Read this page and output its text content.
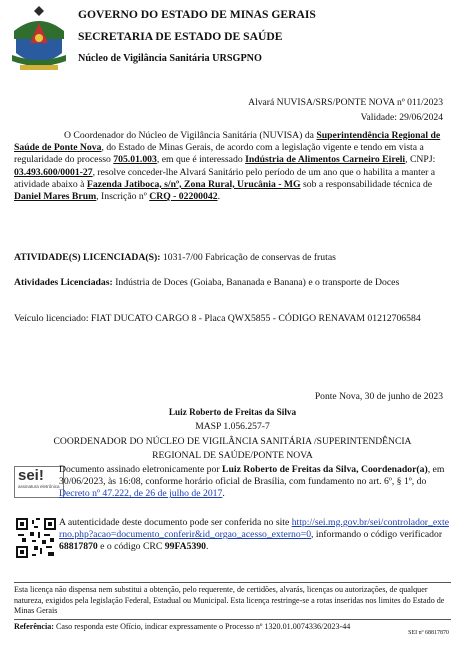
GOVERNO DO ESTADO DE MINAS GERAIS
SECRETARIA DE ESTADO DE SAÚDE
Núcleo de Vigilância Sanitária URSGPNO
Alvará NUVISA/SRS/PONTE NOVA nº 011/2023
Validade: 29/06/2024
O Coordenador do Núcleo de Vigilância Sanitária (NUVISA) da Superintendência Regional de Saúde de Ponte Nova, do Estado de Minas Gerais, de acordo com a legislação vigente e tendo em vista a regularidade do processo 705.01.003, em que é interessado Indústria de Alimentos Carneiro Eireli, CNPJ: 03.493.600/0001-27, resolve conceder-lhe Alvará Sanitário pelo período de um ano que o habilita a manter a atividade abaixo à Fazenda Jatiboca, s/nº, Zona Rural, Urucânia - MG sob a responsabilidade técnica de Daniel Mares Brum, Inscrição nº CRQ - 02200042.
ATIVIDADE(S) LICENCIADA(S): 1031-7/00 Fabricação de conservas de frutas
Atividades Licenciadas: Indústria de Doces (Goiaba, Bananada e Banana) e o transporte de Doces
Veículo licenciado: FIAT DUCATO CARGO 8 - Placa QWX5855 - CÓDIGO RENAVAM 01212706584
Ponte Nova, 30 de junho de 2023
Luiz Roberto de Freitas da Silva
MASP 1.056.257-7
COORDENADOR DO NÚCLEO DE VIGILÂNCIA SANITÁRIA /SUPERINTENDÊNCIA
REGIONAL DE SAÚDE/PONTE NOVA
sei!
assinatura eletrônica
Documento assinado eletronicamente por Luiz Roberto de Freitas da Silva, Coordenador(a), em 30/06/2023, às 16:08, conforme horário oficial de Brasília, com fundamento no art. 6º, § 1º, do Decreto nº 47.222, de 26 de julho de 2017.
A autenticidade deste documento pode ser conferida no site http://sei.mg.gov.br/sei/controlador_externo.php?acao=documento_conferir&id_orgao_acesso_externo=0, informando o código verificador 68817870 e o código CRC 99FA5390.
Esta licença não dispensa nem substitui a obtenção, pelo requerente, de certidões, alvarás, licenças ou autorizações, de qualquer natureza, exigidos pela legislação Federal, Estadual ou Municipal. Esta licença restringe-se a rotas inseridas nos limites do Estado de Minas Gerais
Referência: Caso responda este Ofício, indicar expressamente o Processo nº 1320.01.0074336/2023-44
SEI nº 68817870
